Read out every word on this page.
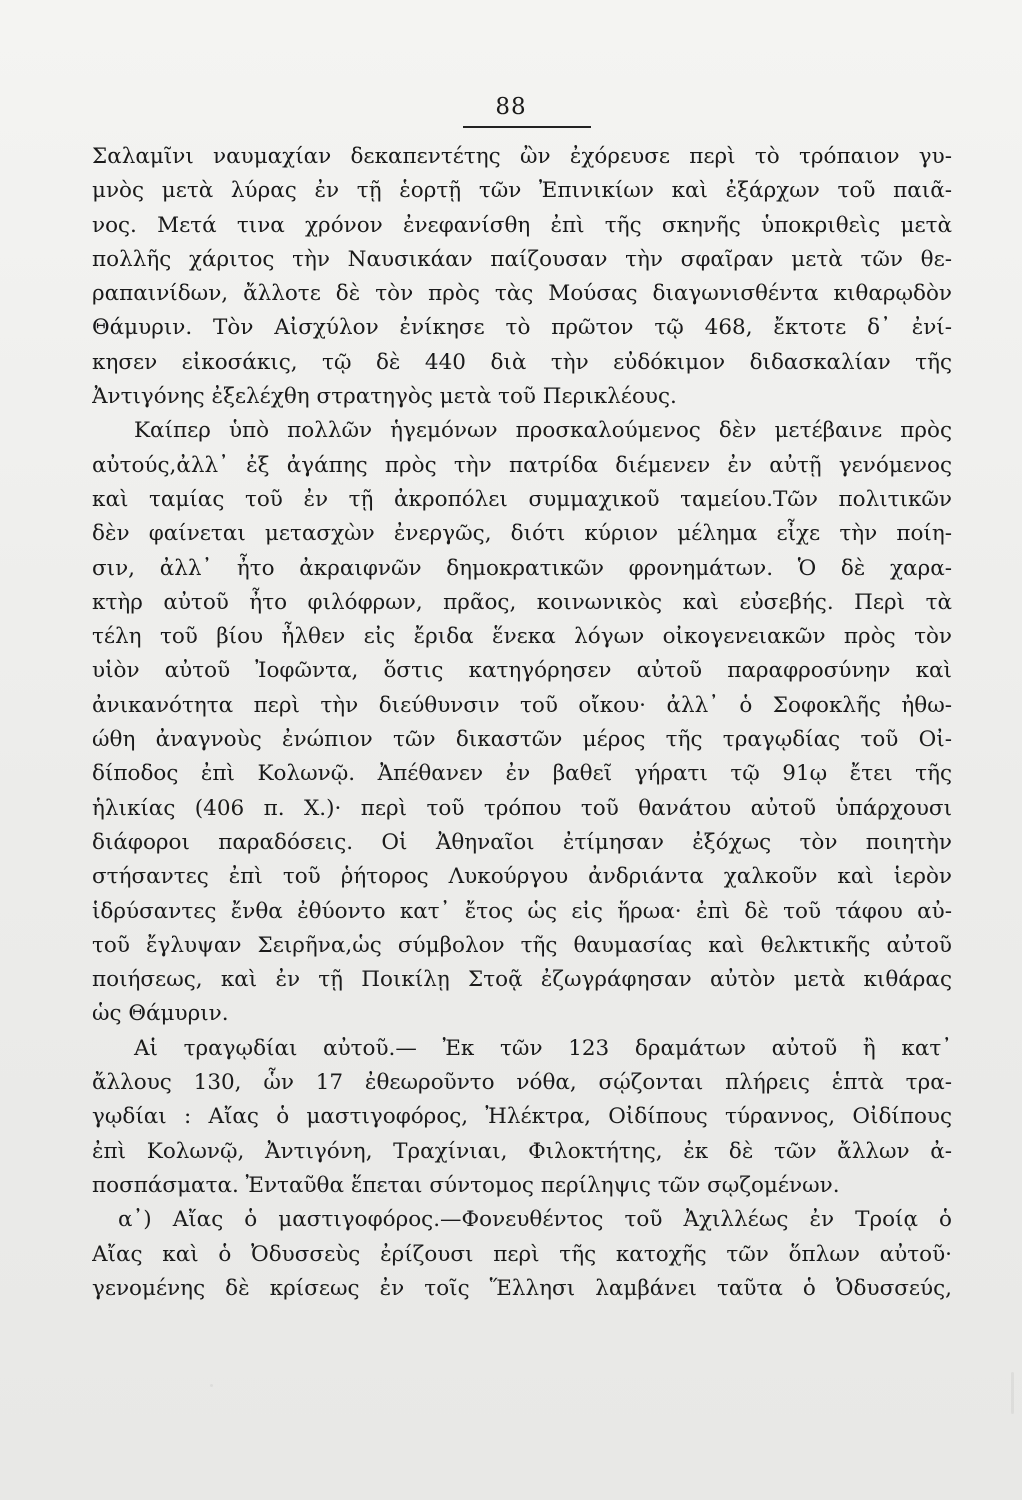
88
Σαλαμῖνι ναυμαχίαν δεκαπεντέτης ὢν ἐχόρευσε περὶ τὸ τρόπαιον γυ-
μνὸς μετὰ λύρας ἐν τῇ ἑορτῇ τῶν Ἐπινικίων καὶ ἐξάρχων τοῦ παιᾶ-
νος. Μετά τινα χρόνον ἐνεφανίσθη ἐπὶ τῆς σκηνῆς ὑποκριθεὶς μετὰ
πολλῆς χάριτος τὴν Ναυσικάαν παίζουσαν τὴν σφαῖραν μετὰ τῶν θε-
ραπαινίδων, ἄλλοτε δὲ τὸν πρὸς τὰς Μούσας διαγωνισθέντα κιθαρῳδὸν
Θάμυριν. Τὸν Αἰσχύλον ἐνίκησε τὸ πρῶτον τῷ 468, ἔκτοτε δ᾽ ἐνί-
κησεν εἰκοσάκις, τῷ δὲ 440 διὰ τὴν εὐδόκιμον διδασκαλίαν τῆς
Ἀντιγόνης ἐξελέχθη στρατηγὸς μετὰ τοῦ Περικλέους.
Καίπερ ὑπὸ πολλῶν ἡγεμόνων προσκαλούμενος δὲν μετέβαινε πρὸς
αὐτούς,ἀλλ᾽ ἐξ ἀγάπης πρὸς τὴν πατρίδα διέμενεν ἐν αὐτῇ γενόμενος
καὶ ταμίας τοῦ ἐν τῇ ἀκροπόλει συμμαχικοῦ ταμείου.Τῶν πολιτικῶν
δὲν φαίνεται μετασχὼν ἐνεργῶς, διότι κύριον μέλημα εἶχε τὴν ποίη-
σιν, ἀλλ᾽ ἦτο ἀκραιφνῶν δημοκρατικῶν φρονημάτων. Ὁ δὲ χαρα-
κτὴρ αὐτοῦ ἦτο φιλόφρων, πρᾶος, κοινωνικὸς καὶ εὐσεβής. Περὶ τὰ
τέλη τοῦ βίου ἦλθεν εἰς ἔριδα ἕνεκα λόγων οἰκογενειακῶν πρὸς τὸν
υἱὸν αὐτοῦ Ἰοφῶντα, ὅστις κατηγόρησεν αὐτοῦ παραφροσύνην καὶ
ἀνικανότητα περὶ τὴν διεύθυνσιν τοῦ οἴκου· ἀλλ᾽ ὁ Σοφοκλῆς ἠθω-
ώθη ἀναγνοὺς ἐνώπιον τῶν δικαστῶν μέρος τῆς τραγῳδίας τοῦ Οἰ-
δίποδος ἐπὶ Κολωνῷ. Ἀπέθανεν ἐν βαθεῖ γήρατι τῷ 91ῳ ἔτει τῆς
ἡλικίας (406 π. Χ.)· περὶ τοῦ τρόπου τοῦ θανάτου αὐτοῦ ὑπάρχουσι
διάφοροι παραδόσεις. Οἱ Ἀθηναῖοι ἐτίμησαν ἐξόχως τὸν ποιητὴν
στήσαντες ἐπὶ τοῦ ῥήτορος Λυκούργου ἀνδριάντα χαλκοῦν καὶ ἱερὸν
ἱδρύσαντες ἔνθα ἐθύοντο κατ᾽ ἔτος ὡς εἰς ἥρωα· ἐπὶ δὲ τοῦ τάφου αὐ-
τοῦ ἔγλυψαν Σειρῆνα,ὡς σύμβολον τῆς θαυμασίας καὶ θελκτικῆς αὐτοῦ
ποιήσεως, καὶ ἐν τῇ Ποικίλῃ Στοᾷ ἐζωγράφησαν αὐτὸν μετὰ κιθάρας
ὡς Θάμυριν.
Αἱ τραγῳδίαι αὐτοῦ.— Ἐκ τῶν 123 δραμάτων αὐτοῦ ἢ κατ᾽
ἄλλους 130, ὧν 17 ἐθεωροῦντο νόθα, σῴζονται πλήρεις ἑπτὰ τρα-
γῳδίαι : Αἴας ὁ μαστιγοφόρος, Ἠλέκτρα, Οἰδίπους τύραννος, Οἰδίπους
ἐπὶ Κολωνῷ, Ἀντιγόνη, Τραχίνιαι, Φιλοκτήτης, ἐκ δὲ τῶν ἄλλων ἀ-
ποσπάσματα. Ἐνταῦθα ἕπεται σύντομος περίληψις τῶν σῳζομένων.
α᾽) Αἴας ὁ μαστιγοφόρος.—Φονευθέντος τοῦ Ἀχιλλέως ἐν Τροίᾳ ὁ
Αἴας καὶ ὁ Ὀδυσσεὺς ἐρίζουσι περὶ τῆς κατοχῆς τῶν ὅπλων αὐτοῦ·
γενομένης δὲ κρίσεως ἐν τοῖς Ἕλλησι λαμβάνει ταῦτα ὁ Ὀδυσσεύς,
